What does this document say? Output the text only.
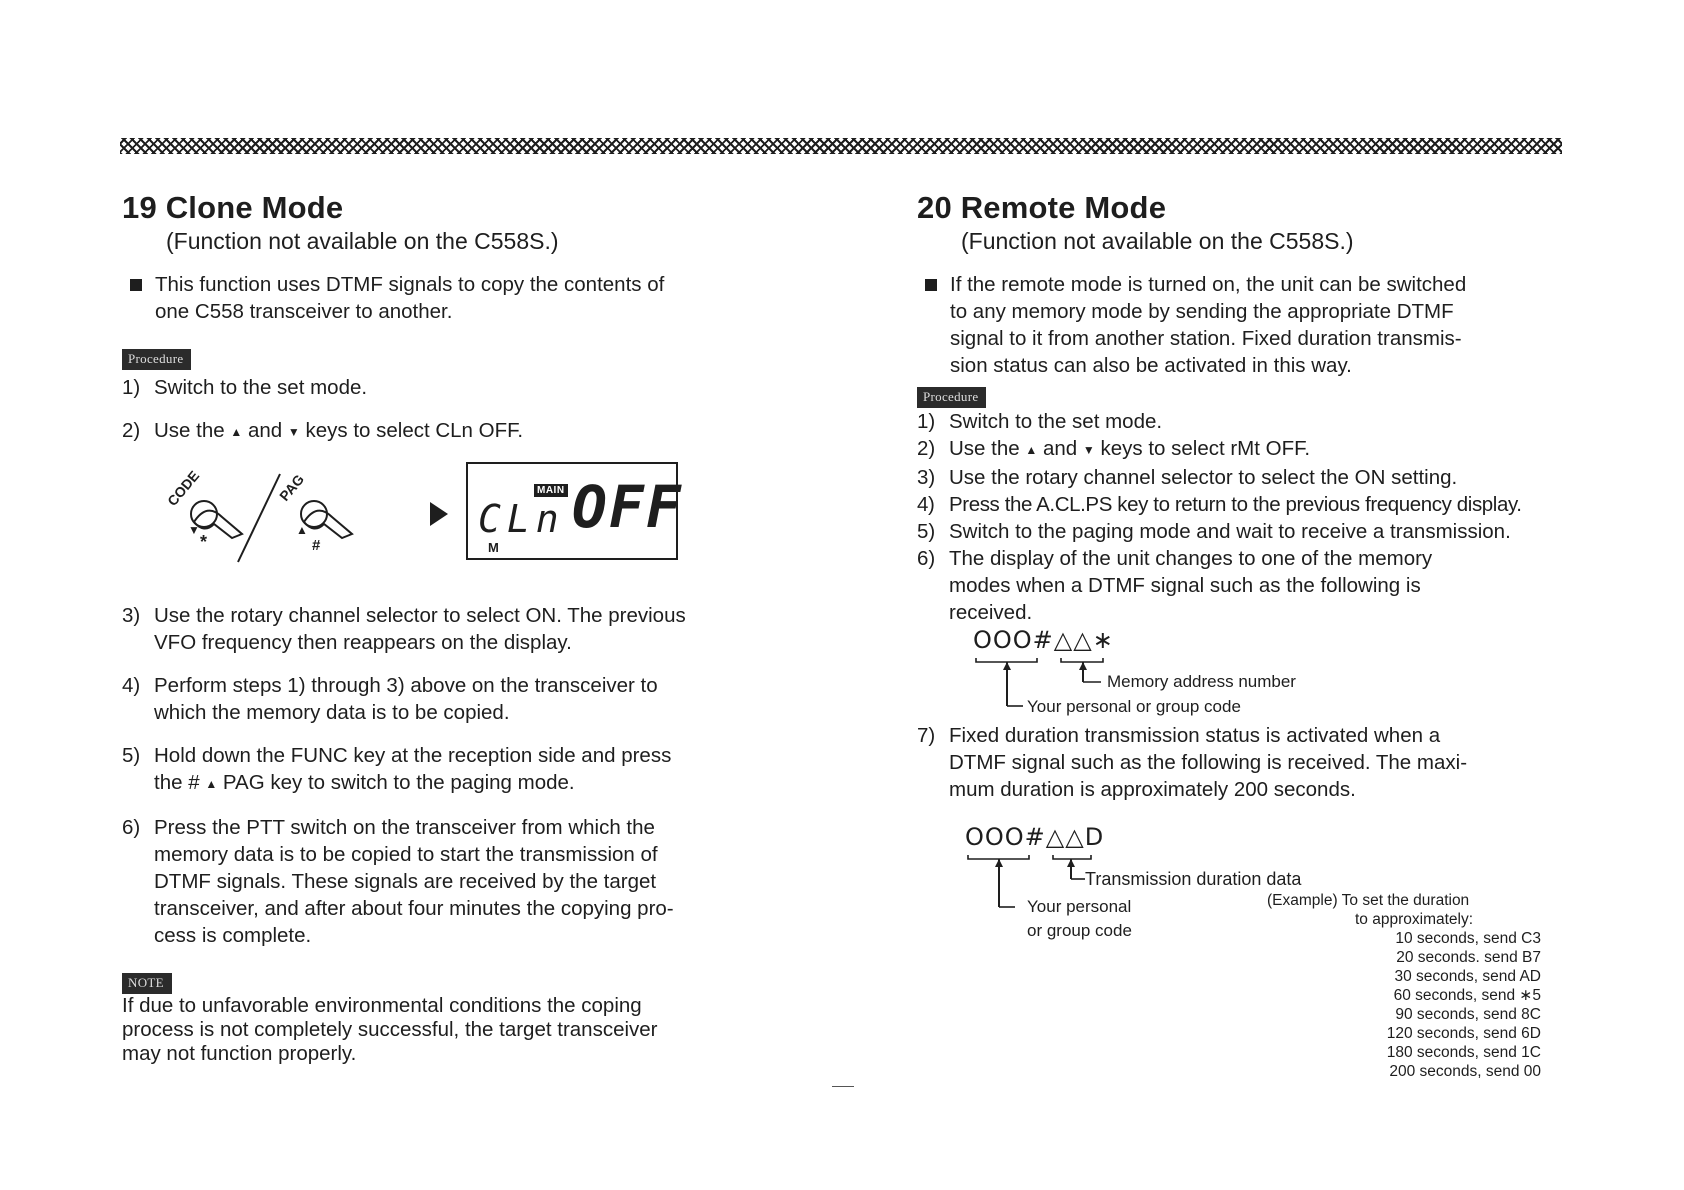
19 Clone Mode
(Function not available on the C558S.)
This function uses DTMF signals to copy the contents of
one C558 transceiver to another.
Procedure
1) Switch to the set mode.
2) Use the ▲ and ▼ keys to select CLn OFF.
CODE
▼
*
PAG
▲
#
MAIN
CLn OFF
M
3) Use the rotary channel selector to select ON. The previous
VFO frequency then reappears on the display.
4) Perform steps 1) through 3) above on the transceiver to
which the memory data is to be copied.
5) Hold down the FUNC key at the reception side and press
the # ▲ PAG key to switch to the paging mode.
6) Press the PTT switch on the transceiver from which the
memory data is to be copied to start the transmission of
DTMF signals. These signals are received by the target
transceiver, and after about four minutes the copying pro-
cess is complete.
NOTE
If due to unfavorable environmental conditions the coping
process is not completely successful, the target transceiver
may not function properly.
20 Remote Mode
(Function not available on the C558S.)
If the remote mode is turned on, the unit can be switched
to any memory mode by sending the appropriate DTMF
signal to it from another station. Fixed duration transmis-
sion status can also be activated in this way.
Procedure
1) Switch to the set mode.
2) Use the ▲ and ▼ keys to select rMt OFF.
3) Use the rotary channel selector to select the ON setting.
4) Press the A.CL.PS key to return to the previous frequency display.
5) Switch to the paging mode and wait to receive a transmission.
6) The display of the unit changes to one of the memory
modes when a DTMF signal such as the following is
received.
OOO#△△∗
Memory address number
Your personal or group code
7) Fixed duration transmission status is activated when a
DTMF signal such as the following is received. The maxi-
mum duration is approximately 200 seconds.
OOO#△△D
Transmission duration data
Your personal
or group code
(Example) To set the duration
to approximately:
10 seconds, send C3
20 seconds. send B7
30 seconds, send AD
60 seconds, send ∗5
90 seconds, send 8C
120 seconds, send 6D
180 seconds, send 1C
200 seconds, send 00
